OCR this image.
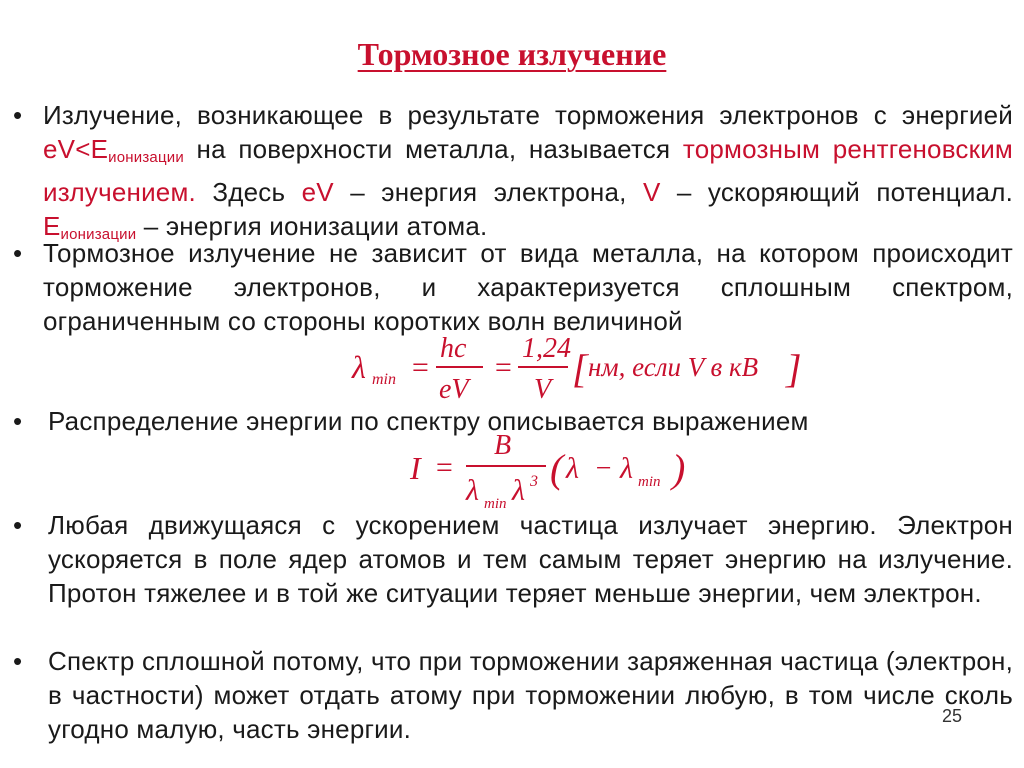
Тормозное излучение
• Излучение, возникающее в результате торможения электронов с энергией $eV<E_{ионизации}$ на поверхности металла, называется тормозным рентгеновским излучением. Здесь eV – энергия электрона, V – ускоряющий потенциал. $E_{ионизации}$ – энергия ионизации атома.
• Тормозное излучение не зависит от вида металла, на котором происходит торможение электронов, и характеризуется сплошным спектром, ограниченным со стороны коротких волн величиной
λ min =
hc
eV
=
1,24
V [ нм, если V в кВ ]
• Распределение энергии по спектру описывается выражением
I =
B
λ min λ 3 ( λ − λ min )
• Любая движущаяся с ускорением частица излучает энергию. Электрон ускоряется в поле ядер атомов и тем самым теряет энергию на излучение. Протон тяжелее и в той же ситуации теряет меньше энергии, чем электрон.
• Спектр сплошной потому, что при торможении заряженная частица (электрон, в частности) может отдать атому при торможении любую, в том числе сколь угодно малую, часть энергии.	25
